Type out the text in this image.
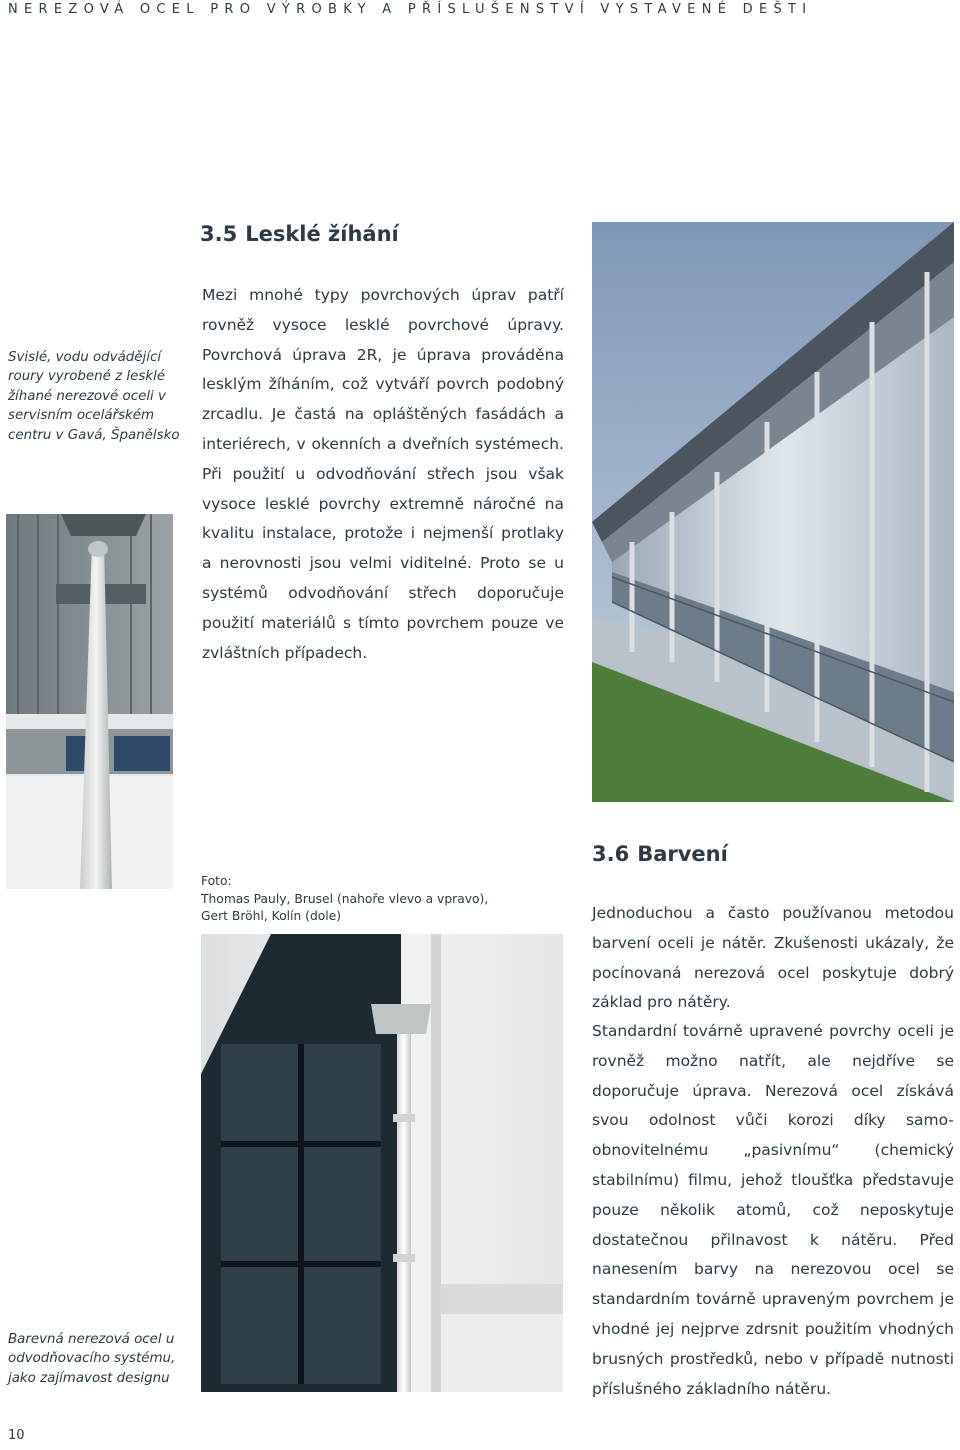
NEREZOVÁ OCEL PRO VÝROBKY A PŘÍSLUŠENSTVÍ VYSTAVENÉ DEŠTI
Svislé, vodu odvádějící roury vyrobené z lesklé žíhané nerezové oceli v servisním ocelářském centru v Gavá, Španělsko
3.5 Lesklé žíhání
Mezi mnohé typy povrchových úprav patří rovněž vysoce lesklé povrchové úpravy. Povrchová úprava 2R, je úprava prováděna lesklým žíháním, což vytváří povrch podobný zrcadlu. Je častá na opláštěných fasádách a interiérech, v okenních a dveřních systémech. Při použití u odvodňování střech jsou však vysoce lesklé povrchy extremně náročné na kvalitu instalace, protože i nejmenší protlaky a nerovnosti jsou velmi viditelné. Proto se u systémů odvodňování střech doporučuje použití materiálů s tímto povrchem pouze ve zvláštních případech.
Foto:
Thomas Pauly, Brusel (nahoře vlevo a vpravo),
Gert Bröhl, Kolín (dole)
Barevná nerezová ocel u odvodňovacího systému, jako zajímavost designu
3.6 Barvení
Jednoduchou a často používanou metodou barvení oceli je nátěr. Zkušenosti ukázaly, že pocínovaná nerezová ocel poskytuje dobrý základ pro nátěry.
Standardní továrně upravené povrchy oceli je rovněž možno natřít, ale nejdříve se doporučuje úprava. Nerezová ocel získává svou odolnost vůči korozi díky samo-obnovitelnému „pasivnímu“ (chemický stabilnímu) filmu, jehož tloušťka představuje pouze několik atomů, což neposkytuje dostatečnou přilnavost k nátěru. Před nanesením barvy na nerezovou ocel se standardním továrně upraveným povrchem je vhodné jej nejprve zdrsnit použitím vhodných brusných prostředků, nebo v případě nutnosti příslušného základního nátěru.
10
